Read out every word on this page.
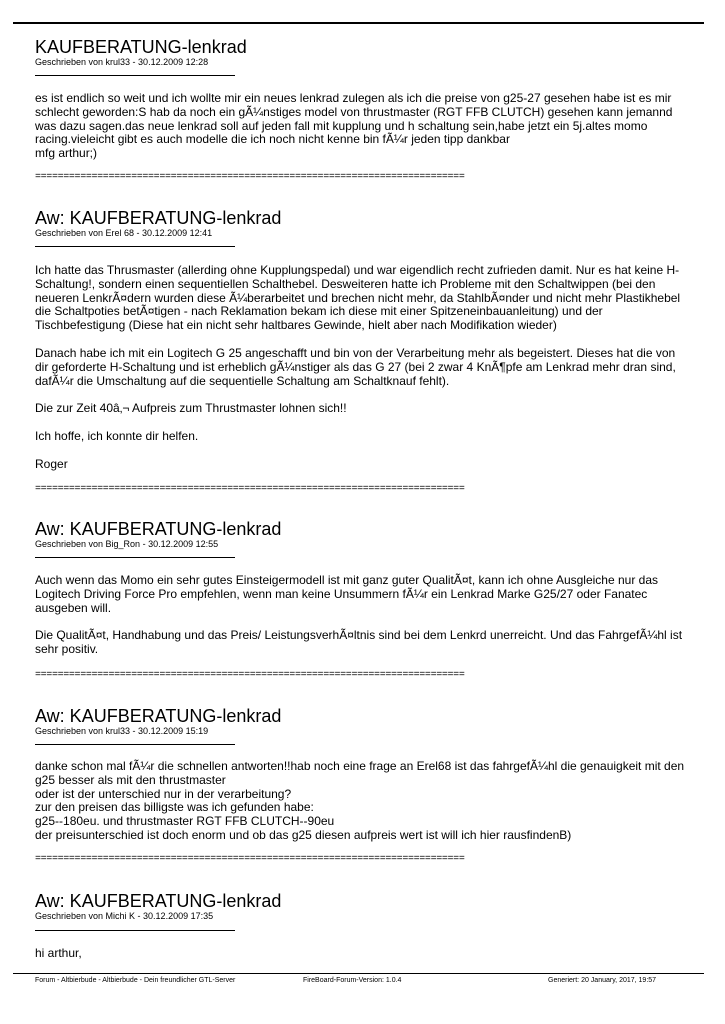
KAUFBERATUNG-lenkrad
Geschrieben von krul33 - 30.12.2009 12:28

es ist endlich so weit und ich wollte mir ein neues lenkrad zulegen als ich die preise von g25-27 gesehen habe ist es mir schlecht geworden:S hab da noch ein gÃ¼nstiges model von thrustmaster (RGT FFB CLUTCH) gesehen kann jemannd was dazu sagen.das neue lenkrad soll auf jeden fall mit kupplung und h schaltung sein,habe jetzt ein 5j.altes momo racing.vieleicht gibt es auch modelle die ich noch nicht kenne bin fÃ¼r jeden tipp dankbar
mfg arthur;)

============================================================================
Aw: KAUFBERATUNG-lenkrad
Geschrieben von Erel 68 - 30.12.2009 12:41

Ich hatte das Thrusmaster (allerding ohne Kupplungspedal) und war eigendlich recht zufrieden damit. Nur es hat keine H-Schaltung!, sondern einen sequentiellen Schalthebel. Desweiteren hatte ich Probleme mit den Schaltwippen (bei den neueren LenkrÃ¤dern wurden diese Ã¼berarbeitet und brechen nicht mehr, da StahlbÃ¤nder und nicht mehr Plastikhebel die Schaltpoties betÃ¤tigen - nach Reklamation bekam ich diese mit einer Spitzeneinbauanleitung) und der Tischbefestigung (Diese hat ein nicht sehr haltbares Gewinde, hielt aber nach Modifikation wieder)

Danach habe ich mit ein Logitech G 25 angeschafft und bin von der Verarbeitung mehr als begeistert. Dieses hat die von dir geforderte H-Schaltung und ist erheblich gÃ¼nstiger als das G 27 (bei 2 zwar 4 KnÃ¶pfe am Lenkrad mehr dran sind, dafÃ¼r die Umschaltung auf die sequentielle Schaltung am Schaltknauf fehlt).

Die zur Zeit 40â‚¬ Aufpreis zum Thrustmaster lohnen sich!!

Ich hoffe, ich konnte dir helfen.

Roger

============================================================================
Aw: KAUFBERATUNG-lenkrad
Geschrieben von Big_Ron - 30.12.2009 12:55

Auch wenn das Momo ein sehr gutes Einsteigermodell ist mit ganz guter QualitÃ¤t, kann ich ohne Ausgleiche nur das Logitech Driving Force Pro empfehlen, wenn man keine Unsummern fÃ¼r ein Lenkrad Marke G25/27 oder Fanatec ausgeben will.

Die QualitÃ¤t, Handhabung und das Preis/ LeistungsverhÃ¤ltnis sind bei dem Lenkrd unerreicht. Und das FahrgefÃ¼hl ist sehr positiv.

============================================================================
Aw: KAUFBERATUNG-lenkrad
Geschrieben von krul33 - 30.12.2009 15:19

danke schon mal fÃ¼r die schnellen antworten!!hab noch eine frage an Erel68 ist das fahrgefÃ¼hl die genauigkeit mit den g25 besser als mit den thrustmaster
oder ist der unterschied nur in der verarbeitung?
zur den preisen das billigste was ich gefunden habe:
g25--180eu. und thrustmaster RGT FFB CLUTCH--90eu
der preisunterschied ist doch enorm und ob das g25 diesen aufpreis wert ist will ich hier rausfindenB)

============================================================================
Aw: KAUFBERATUNG-lenkrad
Geschrieben von Michi K - 30.12.2009 17:35

hi arthur,

Forum - Altbierbude - Altbierbude - Dein freundlicher GTL-Server	FireBoard-Forum-Version: 1.0.4	Generiert: 20 January, 2017, 19:57
